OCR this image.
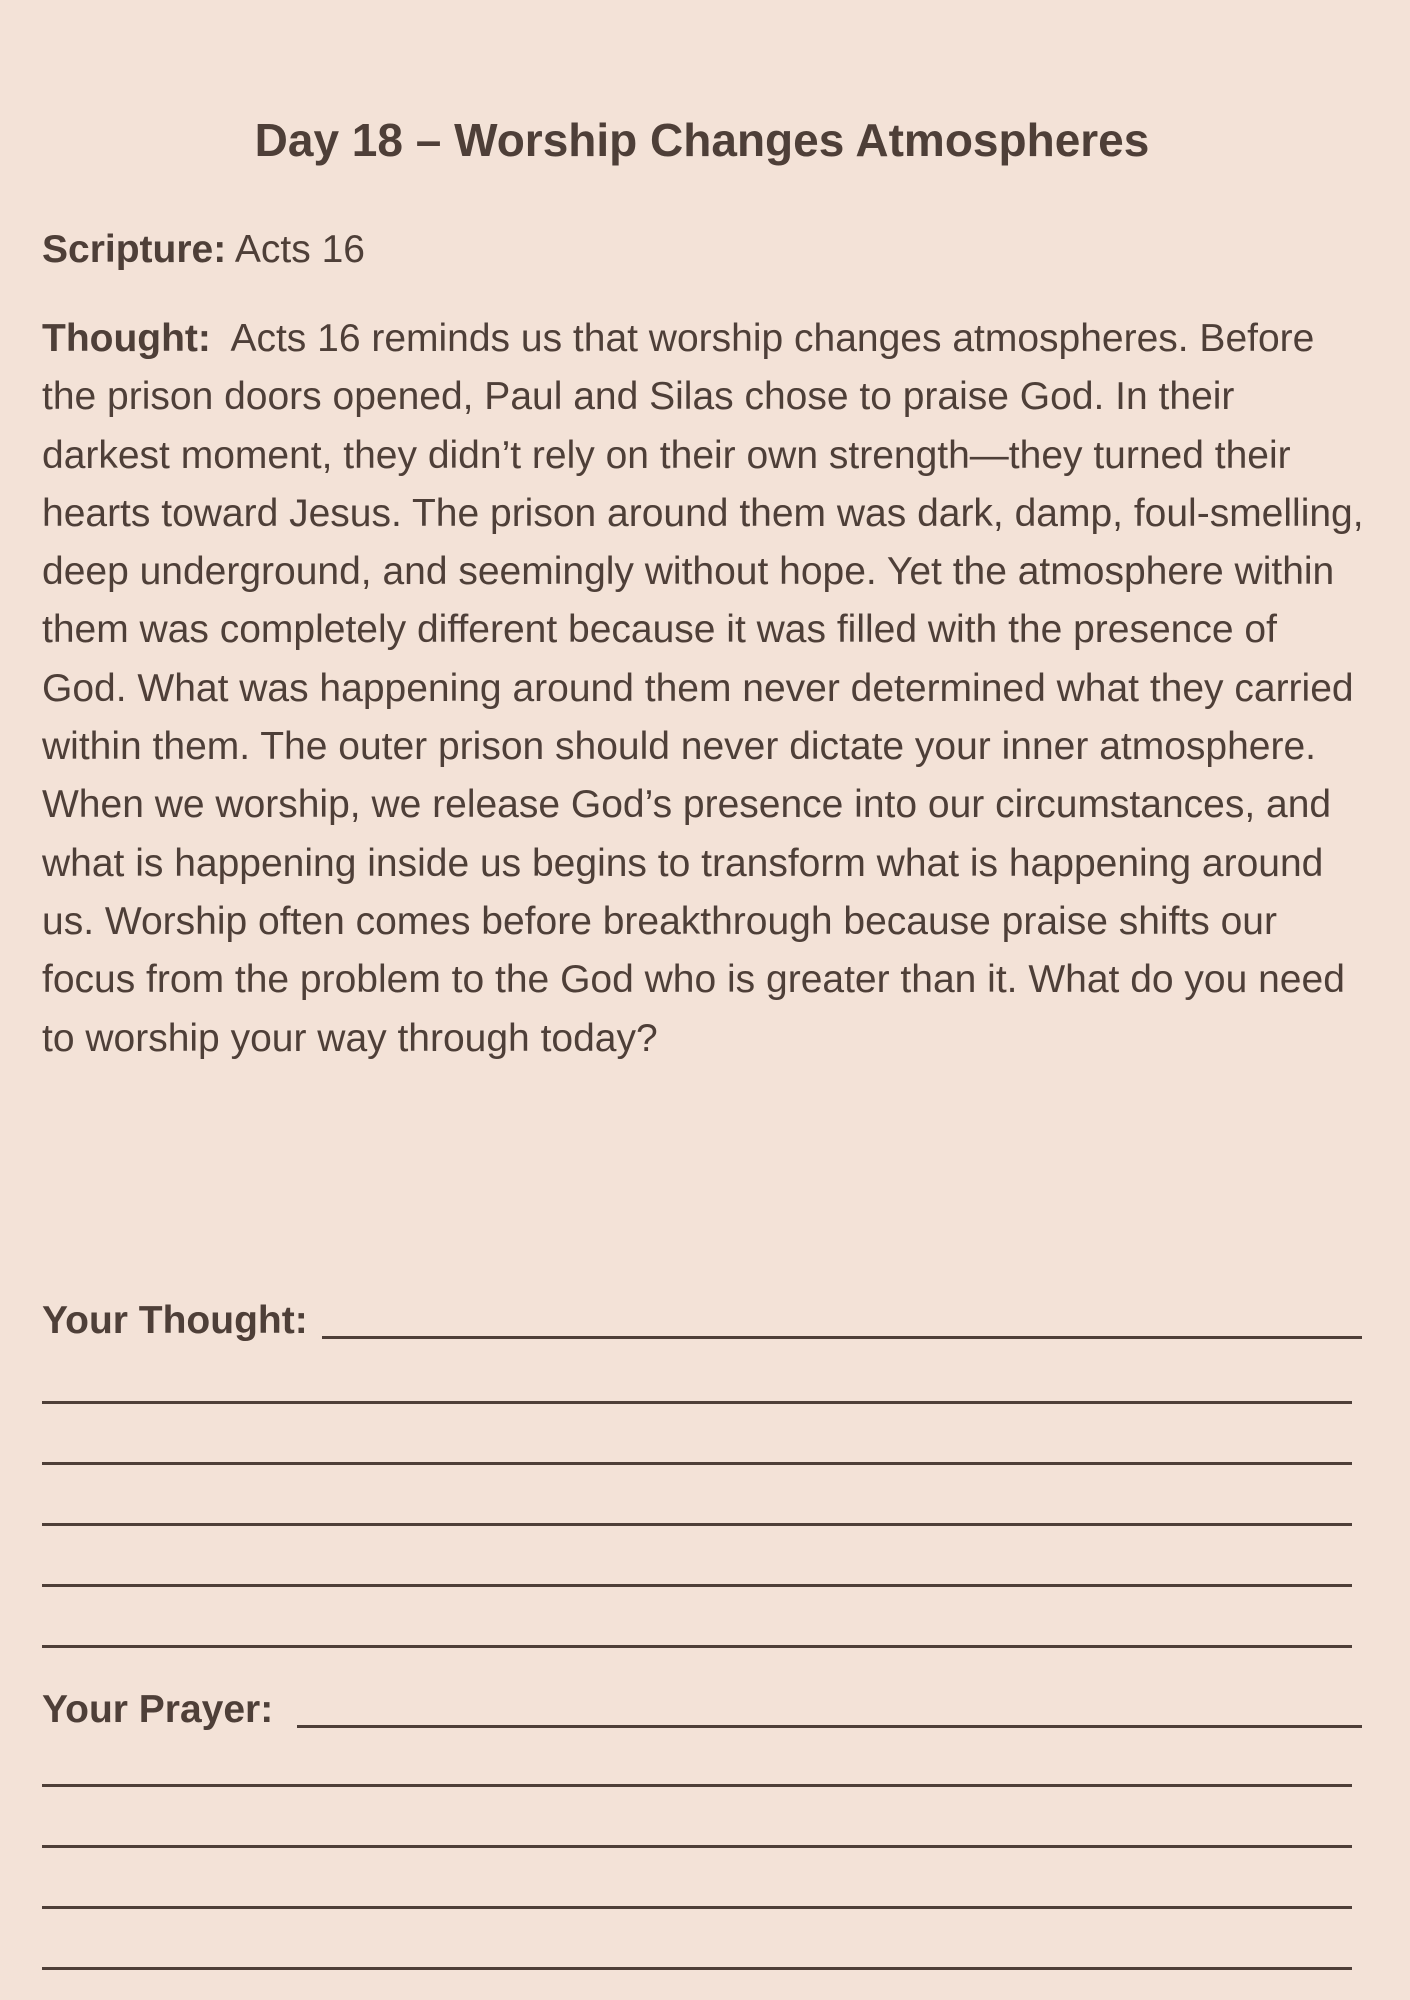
Day 18 – Worship Changes Atmospheres

Scripture: Acts 16

Thought: Acts 16 reminds us that worship changes atmospheres. Before the prison doors opened, Paul and Silas chose to praise God. In their darkest moment, they didn’t rely on their own strength—they turned their hearts toward Jesus. The prison around them was dark, damp, foul-smelling, deep underground, and seemingly without hope. Yet the atmosphere within them was completely different because it was filled with the presence of God. What was happening around them never determined what they carried within them. The outer prison should never dictate your inner atmosphere. When we worship, we release God’s presence into our circumstances, and what is happening inside us begins to transform what is happening around us. Worship often comes before breakthrough because praise shifts our focus from the problem to the God who is greater than it. What do you need to worship your way through today?

Your Thought:
Your Prayer:
